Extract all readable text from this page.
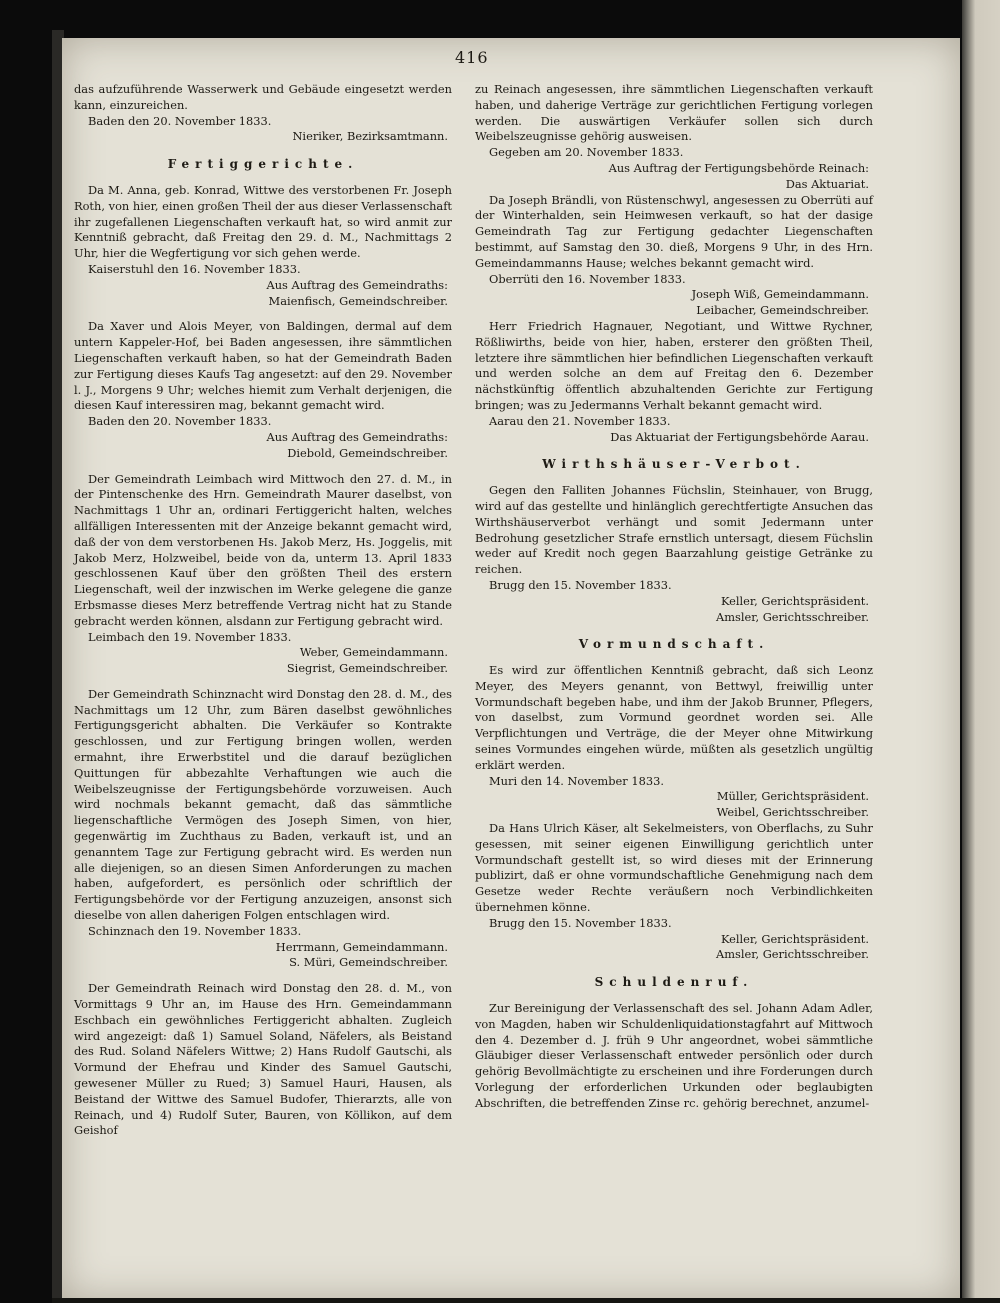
416

das aufzuführende Wasserwerk und Gebäude eingesetzt werden kann, einzureichen.

Baden den 20. November 1833.

Nieriker, Bezirksamtmann.

Fertiggerichte.

Da M. Anna, geb. Konrad, Wittwe des verstorbenen Fr. Joseph Roth, von hier, einen großen Theil der aus dieser Verlassenschaft ihr zugefallenen Liegenschaften verkauft hat, so wird anmit zur Kenntniß gebracht, daß Freitag den 29. d. M., Nachmittags 2 Uhr, hier die Wegfertigung vor sich gehen werde.

Kaiserstuhl den 16. November 1833.

Aus Auftrag des Gemeindraths:

Maienfisch, Gemeindschreiber.

Da Xaver und Alois Meyer, von Baldingen, dermal auf dem untern Kappeler-Hof, bei Baden angesessen, ihre sämmtlichen Liegenschaften verkauft haben, so hat der Gemeindrath Baden zur Fertigung dieses Kaufs Tag angesetzt: auf den 29. November l. J., Morgens 9 Uhr; welches hiemit zum Verhalt derjenigen, die diesen Kauf interessiren mag, bekannt gemacht wird.

Baden den 20. November 1833.

Aus Auftrag des Gemeindraths:

Diebold, Gemeindschreiber.

Der Gemeindrath Leimbach wird Mittwoch den 27. d. M., in der Pintenschenke des Hrn. Gemeindrath Maurer daselbst, von Nachmittags 1 Uhr an, ordinari Fertiggericht halten, welches allfälligen Interessenten mit der Anzeige bekannt gemacht wird, daß der von dem verstorbenen Hs. Jakob Merz, Hs. Joggelis, mit Jakob Merz, Holzweibel, beide von da, unterm 13. April 1833 geschlossenen Kauf über den größten Theil des erstern Liegenschaft, weil der inzwischen im Werke gelegene die ganze Erbsmasse dieses Merz betreffende Vertrag nicht hat zu Stande gebracht werden können, alsdann zur Fertigung gebracht wird.

Leimbach den 19. November 1833.

Weber, Gemeindammann.

Siegrist, Gemeindschreiber.

Der Gemeindrath Schinznacht wird Donstag den 28. d. M., des Nachmittags um 12 Uhr, zum Bären daselbst gewöhnliches Fertigungsgericht abhalten. Die Verkäufer so Kontrakte geschlossen, und zur Fertigung bringen wollen, werden ermahnt, ihre Erwerbstitel und die darauf bezüglichen Quittungen für abbezahlte Verhaftungen wie auch die Weibelszeugnisse der Fertigungsbehörde vorzuweisen. Auch wird nochmals bekannt gemacht, daß das sämmtliche liegenschaftliche Vermögen des Joseph Simen, von hier, gegenwärtig im Zuchthaus zu Baden, verkauft ist, und an genanntem Tage zur Fertigung gebracht wird. Es werden nun alle diejenigen, so an diesen Simen Anforderungen zu machen haben, aufgefordert, es persönlich oder schriftlich der Fertigungsbehörde vor der Fertigung anzuzeigen, ansonst sich dieselbe von allen daherigen Folgen entschlagen wird.

Schinznach den 19. November 1833.

Herrmann, Gemeindammann.

S. Müri, Gemeindschreiber.

Der Gemeindrath Reinach wird Donstag den 28. d. M., von Vormittags 9 Uhr an, im Hause des Hrn. Gemeindammann Eschbach ein gewöhnliches Fertiggericht abhalten. Zugleich wird angezeigt: daß 1) Samuel Soland, Näfelers, als Beistand des Rud. Soland Näfelers Wittwe; 2) Hans Rudolf Gautschi, als Vormund der Ehefrau und Kinder des Samuel Gautschi, gewesener Müller zu Rued; 3) Samuel Hauri, Hausen, als Beistand der Wittwe des Samuel Budofer, Thierarzts, alle von Reinach, und 4) Rudolf Suter, Bauren, von Köllikon, auf dem Geishof

zu Reinach angesessen, ihre sämmtlichen Liegenschaften verkauft haben, und daherige Verträge zur gerichtlichen Fertigung vorlegen werden. Die auswärtigen Verkäufer sollen sich durch Weibelszeugnisse gehörig ausweisen.

Gegeben am 20. November 1833.

Aus Auftrag der Fertigungsbehörde Reinach:

Das Aktuariat.

Da Joseph Brändli, von Rüstenschwyl, angesessen zu Oberrüti auf der Winterhalden, sein Heimwesen verkauft, so hat der dasige Gemeindrath Tag zur Fertigung gedachter Liegenschaften bestimmt, auf Samstag den 30. dieß, Morgens 9 Uhr, in des Hrn. Gemeindammanns Hause; welches bekannt gemacht wird.

Oberrüti den 16. November 1833.

Joseph Wiß, Gemeindammann.

Leibacher, Gemeindschreiber.

Herr Friedrich Hagnauer, Negotiant, und Wittwe Rychner, Rößliwirths, beide von hier, haben, ersterer den größten Theil, letztere ihre sämmtlichen hier befindlichen Liegenschaften verkauft und werden solche an dem auf Freitag den 6. Dezember nächstkünftig öffentlich abzuhaltenden Gerichte zur Fertigung bringen; was zu Jedermanns Verhalt bekannt gemacht wird.

Aarau den 21. November 1833.

Das Aktuariat der Fertigungsbehörde Aarau.

Wirthshäuser-Verbot.

Gegen den Falliten Johannes Füchslin, Steinhauer, von Brugg, wird auf das gestellte und hinlänglich gerechtfertigte Ansuchen das Wirthshäuserverbot verhängt und somit Jedermann unter Bedrohung gesetzlicher Strafe ernstlich untersagt, diesem Füchslin weder auf Kredit noch gegen Baarzahlung geistige Getränke zu reichen.

Brugg den 15. November 1833.

Keller, Gerichtspräsident.

Amsler, Gerichtsschreiber.

Vormundschaft.

Es wird zur öffentlichen Kenntniß gebracht, daß sich Leonz Meyer, des Meyers genannt, von Bettwyl, freiwillig unter Vormundschaft begeben habe, und ihm der Jakob Brunner, Pflegers, von daselbst, zum Vormund geordnet worden sei. Alle Verpflichtungen und Verträge, die der Meyer ohne Mitwirkung seines Vormundes eingehen würde, müßten als gesetzlich ungültig erklärt werden.

Muri den 14. November 1833.

Müller, Gerichtspräsident.

Weibel, Gerichtsschreiber.

Da Hans Ulrich Käser, alt Sekelmeisters, von Oberflachs, zu Suhr gesessen, mit seiner eigenen Einwilligung gerichtlich unter Vormundschaft gestellt ist, so wird dieses mit der Erinnerung publizirt, daß er ohne vormundschaftliche Genehmigung nach dem Gesetze weder Rechte veräußern noch Verbindlichkeiten übernehmen könne.

Brugg den 15. November 1833.

Keller, Gerichtspräsident.

Amsler, Gerichtsschreiber.

Schuldenruf.

Zur Bereinigung der Verlassenschaft des sel. Johann Adam Adler, von Magden, haben wir Schuldenliquidationstagfahrt auf Mittwoch den 4. Dezember d. J. früh 9 Uhr angeordnet, wobei sämmtliche Gläubiger dieser Verlassenschaft entweder persönlich oder durch gehörig Bevollmächtigte zu erscheinen und ihre Forderungen durch Vorlegung der erforderlichen Urkunden oder beglaubigten Abschriften, die betreffenden Zinse rc. gehörig berechnet, anzumel-
